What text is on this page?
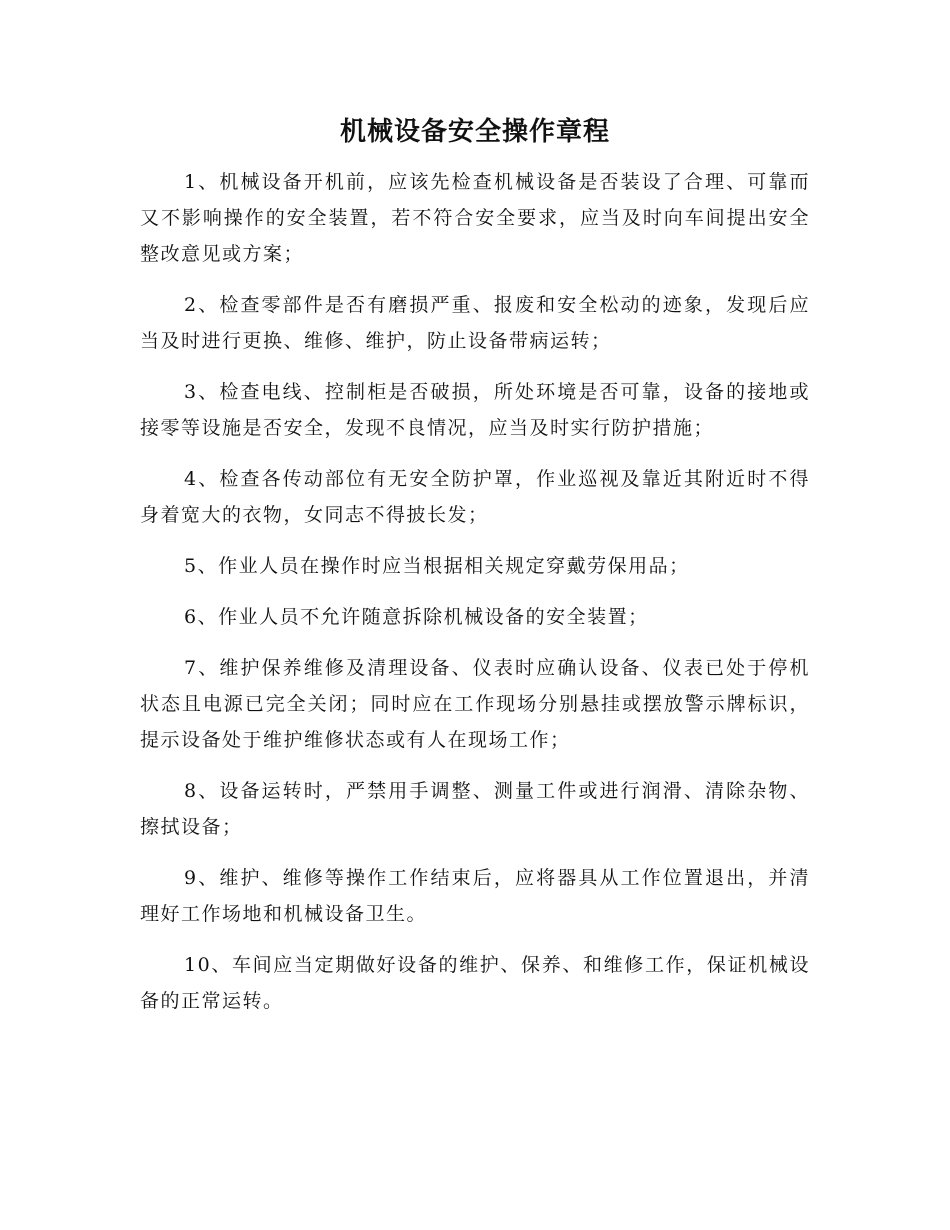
机械设备安全操作章程

1、机械设备开机前，应该先检查机械设备是否装设了合理、可靠而又不影响操作的安全装置，若不符合安全要求，应当及时向车间提出安全整改意见或方案；

2、检查零部件是否有磨损严重、报废和安全松动的迹象，发现后应当及时进行更换、维修、维护，防止设备带病运转；

3、检查电线、控制柜是否破损，所处环境是否可靠，设备的接地或接零等设施是否安全，发现不良情况，应当及时实行防护措施；

4、检查各传动部位有无安全防护罩，作业巡视及靠近其附近时不得身着宽大的衣物，女同志不得披长发；

5、作业人员在操作时应当根据相关规定穿戴劳保用品；

6、作业人员不允许随意拆除机械设备的安全装置；

7、维护保养维修及清理设备、仪表时应确认设备、仪表已处于停机状态且电源已完全关闭；同时应在工作现场分别悬挂或摆放警示牌标识，提示设备处于维护维修状态或有人在现场工作；

8、设备运转时，严禁用手调整、测量工件或进行润滑、清除杂物、擦拭设备；

9、维护、维修等操作工作结束后，应将器具从工作位置退出，并清理好工作场地和机械设备卫生。

10、车间应当定期做好设备的维护、保养、和维修工作，保证机械设备的正常运转。
